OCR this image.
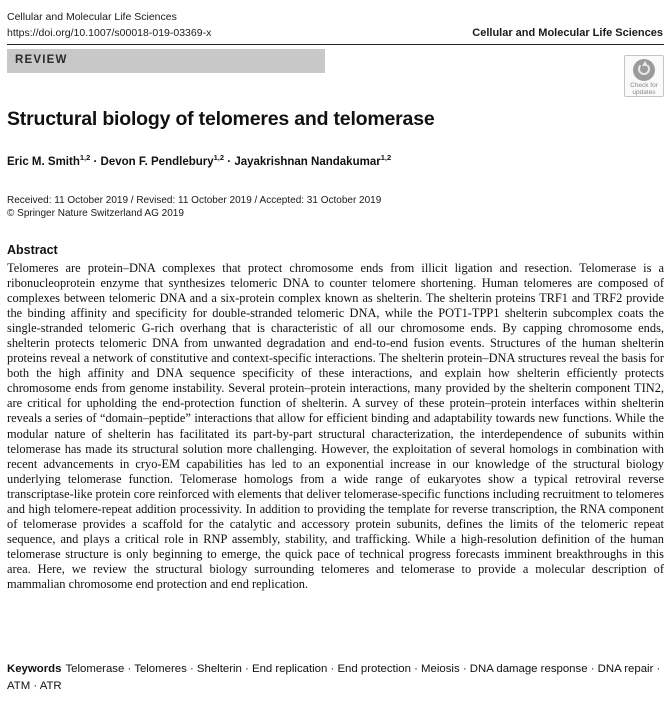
Cellular and Molecular Life Sciences
https://doi.org/10.1007/s00018-019-03369-x	Cellular and Molecular Life Sciences
REVIEW
Check for
updates
Structural biology of telomeres and telomerase
Eric M. Smith$^{1,2}$ · Devon F. Pendlebury$^{1,2}$ · Jayakrishnan Nandakumar$^{1,2}$
Received: 11 October 2019 / Revised: 11 October 2019 / Accepted: 31 October 2019
© Springer Nature Switzerland AG 2019
Abstract

Telomeres are protein–DNA complexes that protect chromosome ends from illicit ligation and resection. Telomerase is a ribonucleoprotein enzyme that synthesizes telomeric DNA to counter telomere shortening. Human telomeres are composed of complexes between telomeric DNA and a six-protein complex known as shelterin. The shelterin proteins TRF1 and TRF2 provide the binding affinity and specificity for double-stranded telomeric DNA, while the POT1-TPP1 shelterin subcomplex coats the single-stranded telomeric G-rich overhang that is characteristic of all our chromosome ends. By capping chromosome ends, shelterin protects telomeric DNA from unwanted degradation and end-to-end fusion events. Structures of the human shelterin proteins reveal a network of constitutive and context-specific interactions. The shelterin protein–DNA structures reveal the basis for both the high affinity and DNA sequence specificity of these interactions, and explain how shelterin efficiently protects chromosome ends from genome instability. Several protein–protein interactions, many provided by the shelterin component TIN2, are critical for upholding the end-protection function of shelterin. A survey of these protein–protein interfaces within shelterin reveals a series of “domain–peptide” interactions that allow for efficient binding and adaptability towards new functions. While the modular nature of shelterin has facilitated its part-by-part structural characterization, the interdependence of subunits within telomerase has made its structural solution more challenging. However, the exploitation of several homologs in combination with recent advancements in cryo-EM capabilities has led to an exponential increase in our knowledge of the structural biology underlying telomerase function. Telomerase homologs from a wide range of eukaryotes show a typical retroviral reverse transcriptase-like protein core reinforced with elements that deliver telomerase-specific functions including recruitment to telomeres and high telomere-repeat addition processivity. In addition to providing the template for reverse transcription, the RNA component of telomerase provides a scaffold for the catalytic and accessory protein subunits, defines the limits of the telomeric repeat sequence, and plays a critical role in RNP assembly, stability, and trafficking. While a high-resolution definition of the human telomerase structure is only beginning to emerge, the quick pace of technical progress forecasts imminent breakthroughs in this area. Here, we review the structural biology surrounding telomeres and telomerase to provide a molecular description of mammalian chromosome end protection and end replication.

Keywords Telomerase · Telomeres · Shelterin · End replication · End protection · Meiosis · DNA damage response · DNA repair · ATM · ATR
